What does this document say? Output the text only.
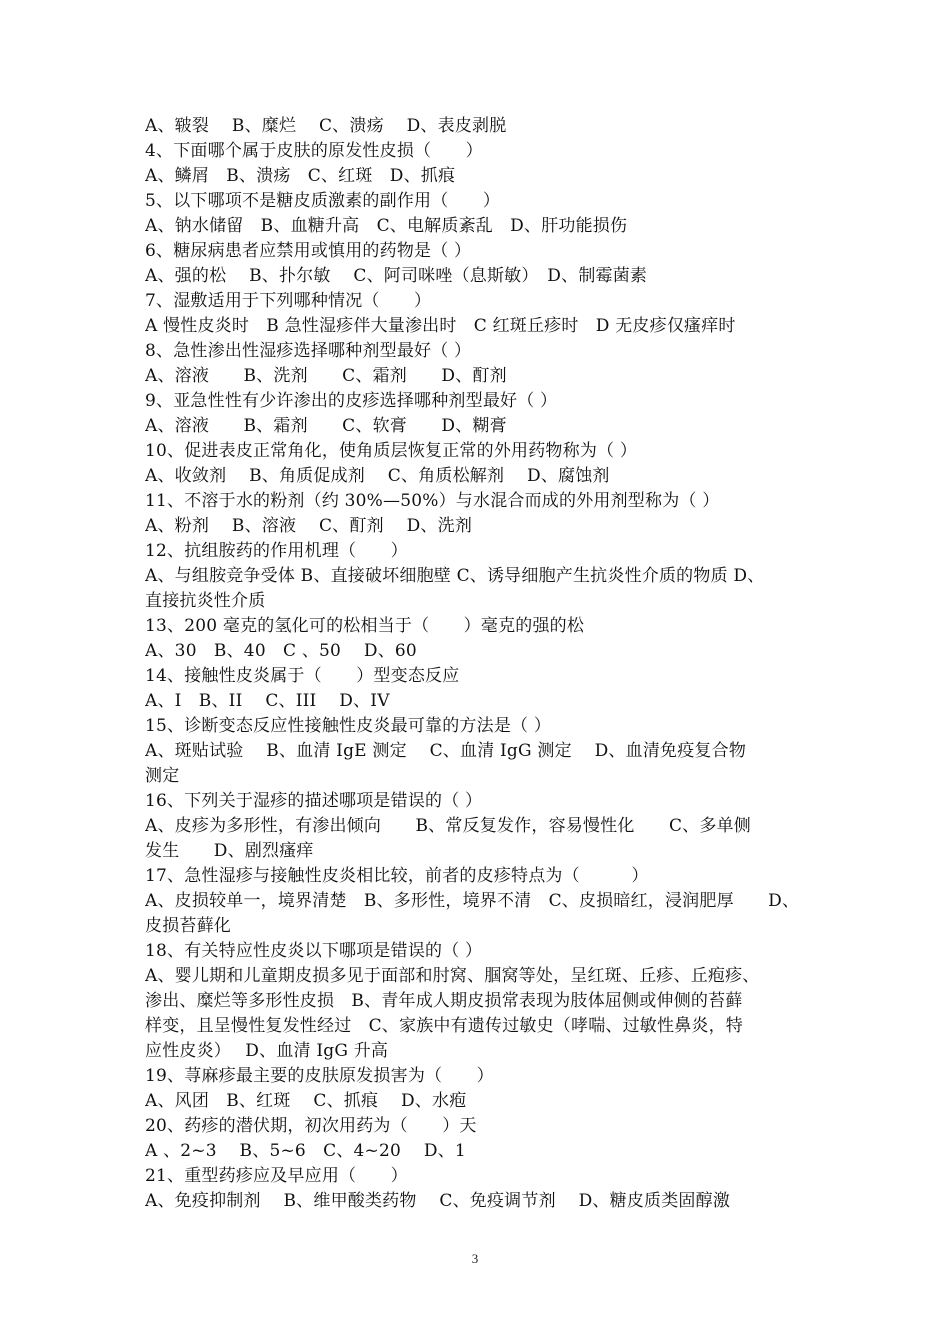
A、皲裂　 B、糜烂　 C、溃疡　 D、表皮剥脱
4、下面哪个属于皮肤的原发性皮损（　　）
A、鳞屑　B、溃疡　C、红斑　D、抓痕
5、以下哪项不是糖皮质激素的副作用（　　）
A、钠水储留　B、血糖升高　C、电解质紊乱　D、肝功能损伤
6、糖尿病患者应禁用或慎用的药物是（ ）
A、强的松　 B、扑尔敏　 C、阿司咪唑（息斯敏）　D、制霉菌素
7、湿敷适用于下列哪种情况（　　）
A 慢性皮炎时　B 急性湿疹伴大量渗出时　C 红斑丘疹时　D 无皮疹仅瘙痒时
8、急性渗出性湿疹选择哪种剂型最好（ ）
A、溶液　　B、洗剂　　C、霜剂　　D、酊剂
9、亚急性性有少许渗出的皮疹选择哪种剂型最好（ ）
A、溶液　　B、霜剂　　C、软膏　　D、糊膏
10、促进表皮正常角化，使角质层恢复正常的外用药物称为（ ）
A、收敛剂　 B、角质促成剂　 C、角质松解剂　 D、腐蚀剂
11、不溶于水的粉剂（约 30%—50%）与水混合而成的外用剂型称为（ ）
A、粉剂　 B、溶液　 C、酊剂　 D、洗剂
12、抗组胺药的作用机理（　　）
A、与组胺竞争受体 B、直接破坏细胞壁 C、诱导细胞产生抗炎性介质的物质 D、
直接抗炎性介质
13、200 毫克的氢化可的松相当于（　　）毫克的强的松
A、30　B、40　C 、50　 D、60
14、接触性皮炎属于（　　）型变态反应
A、I　B、II　 C、III　 D、IV
15、诊断变态反应性接触性皮炎最可靠的方法是（ ）
A、斑贴试验　 B、血清 IgE 测定　 C、血清 IgG 测定　 D、血清免疫复合物
测定
16、下列关于湿疹的描述哪项是错误的（ ）
A、皮疹为多形性，有渗出倾向　　B、常反复发作，容易慢性化　　C、多单侧
发生　　D、剧烈瘙痒
17、急性湿疹与接触性皮炎相比较，前者的皮疹特点为（　　　）
A、皮损较单一，境界清楚　B、多形性，境界不清　C、皮损暗红，浸润肥厚　　D、
皮损苔藓化
18、有关特应性皮炎以下哪项是错误的（ ）
A、婴儿期和儿童期皮损多见于面部和肘窝、腘窝等处，呈红斑、丘疹、丘疱疹、
渗出、糜烂等多形性皮损　B、青年成人期皮损常表现为肢体屈侧或伸侧的苔藓
样变，且呈慢性复发性经过　C、家族中有遗传过敏史（哮喘、过敏性鼻炎，特
应性皮炎）　 D、血清 IgG 升高
19、荨麻疹最主要的皮肤原发损害为（　　）
A、风团　B、红斑　 C、抓痕　 D、水疱
20、药疹的潜伏期，初次用药为（　　）天
A 、2~3　 B、5~6　C、4~20　 D、1
21、重型药疹应及早应用（　　）
A、免疫抑制剂　 B、维甲酸类药物　 C、免疫调节剂　 D、糖皮质类固醇激
3
